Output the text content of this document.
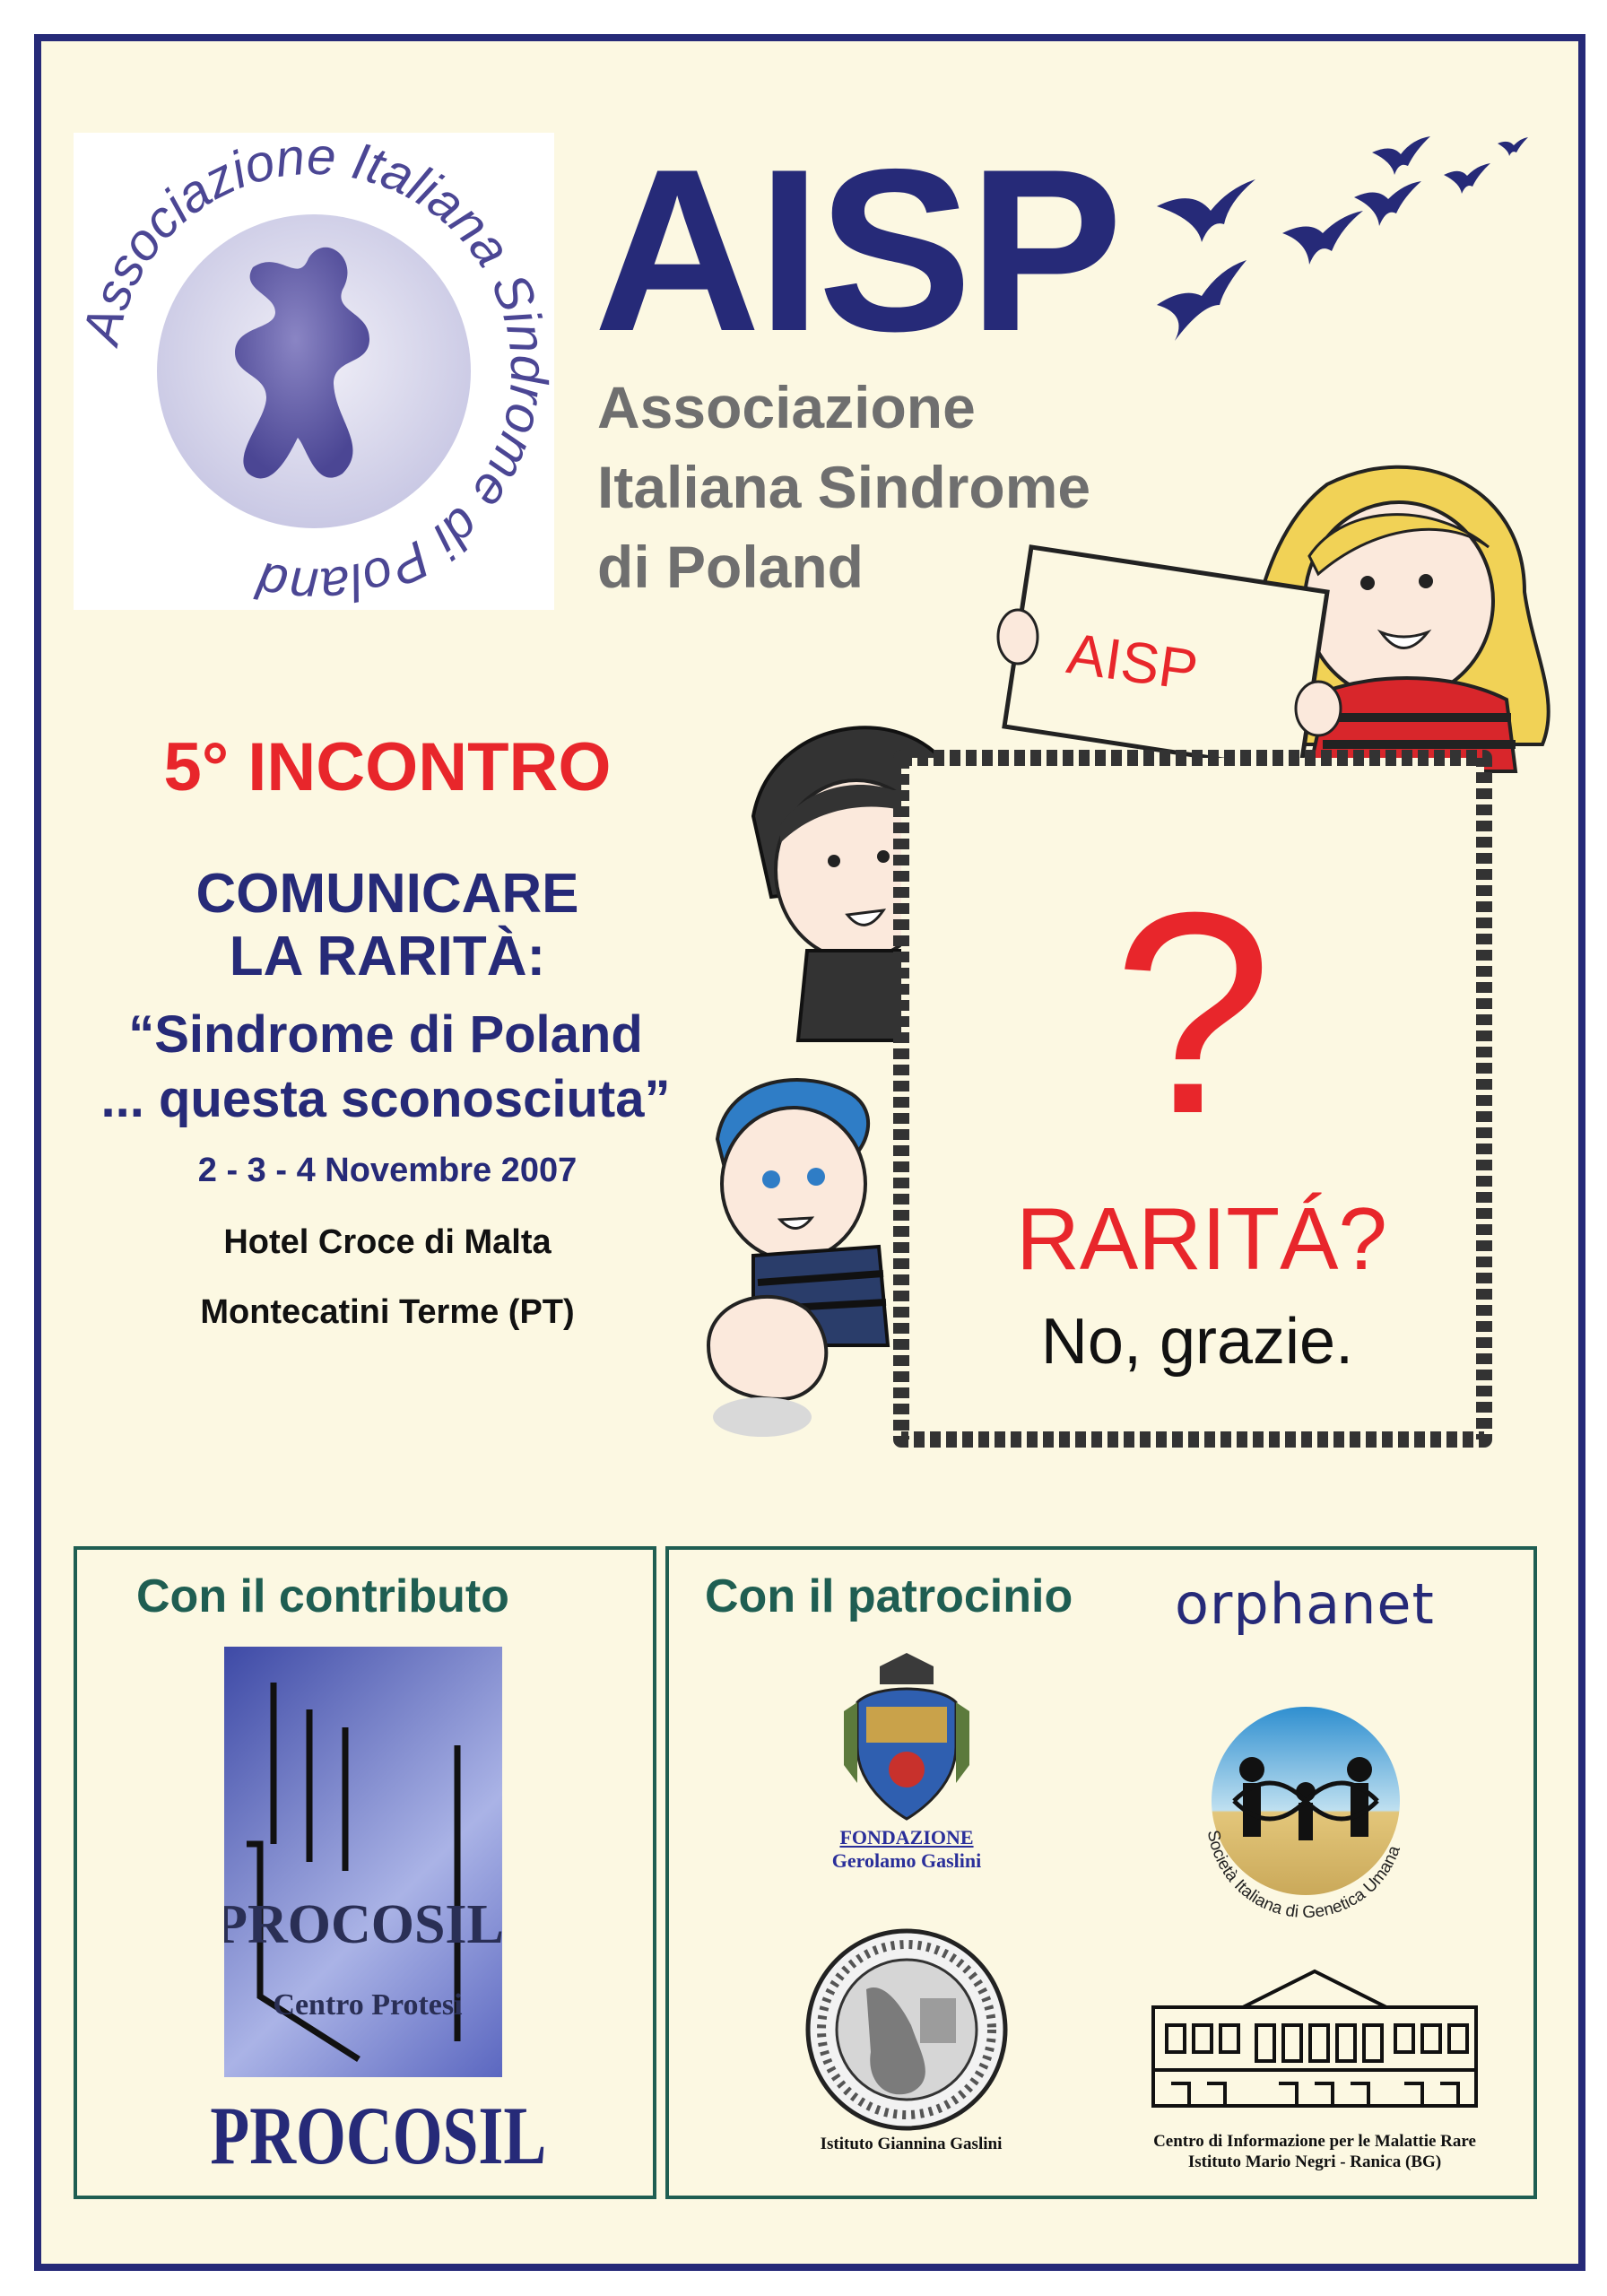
Associazione Italiana Sindrome di Poland
AISP
Associazione
Italiana Sindrome
di Poland
5° INCONTRO
COMUNICARE
LA RARITÀ:
“Sindrome di Poland
... questa sconosciuta”
2 - 3 - 4 Novembre 2007
Hotel Croce di Malta
Montecatini Terme (PT)
AISP
?
RARITÁ?
No, grazie.
Con il contributo
PROCOSIL
Centro Protesi
PROCOSIL
Con il patrocinio
FONDAZIONE
Gerolamo Gaslini
Società Italiana di Genetica Umana
Istituto Giannina Gaslini	Centro di Informazione per le Malattie Rare
Istituto Mario Negri - Ranica (BG)
orphanet
